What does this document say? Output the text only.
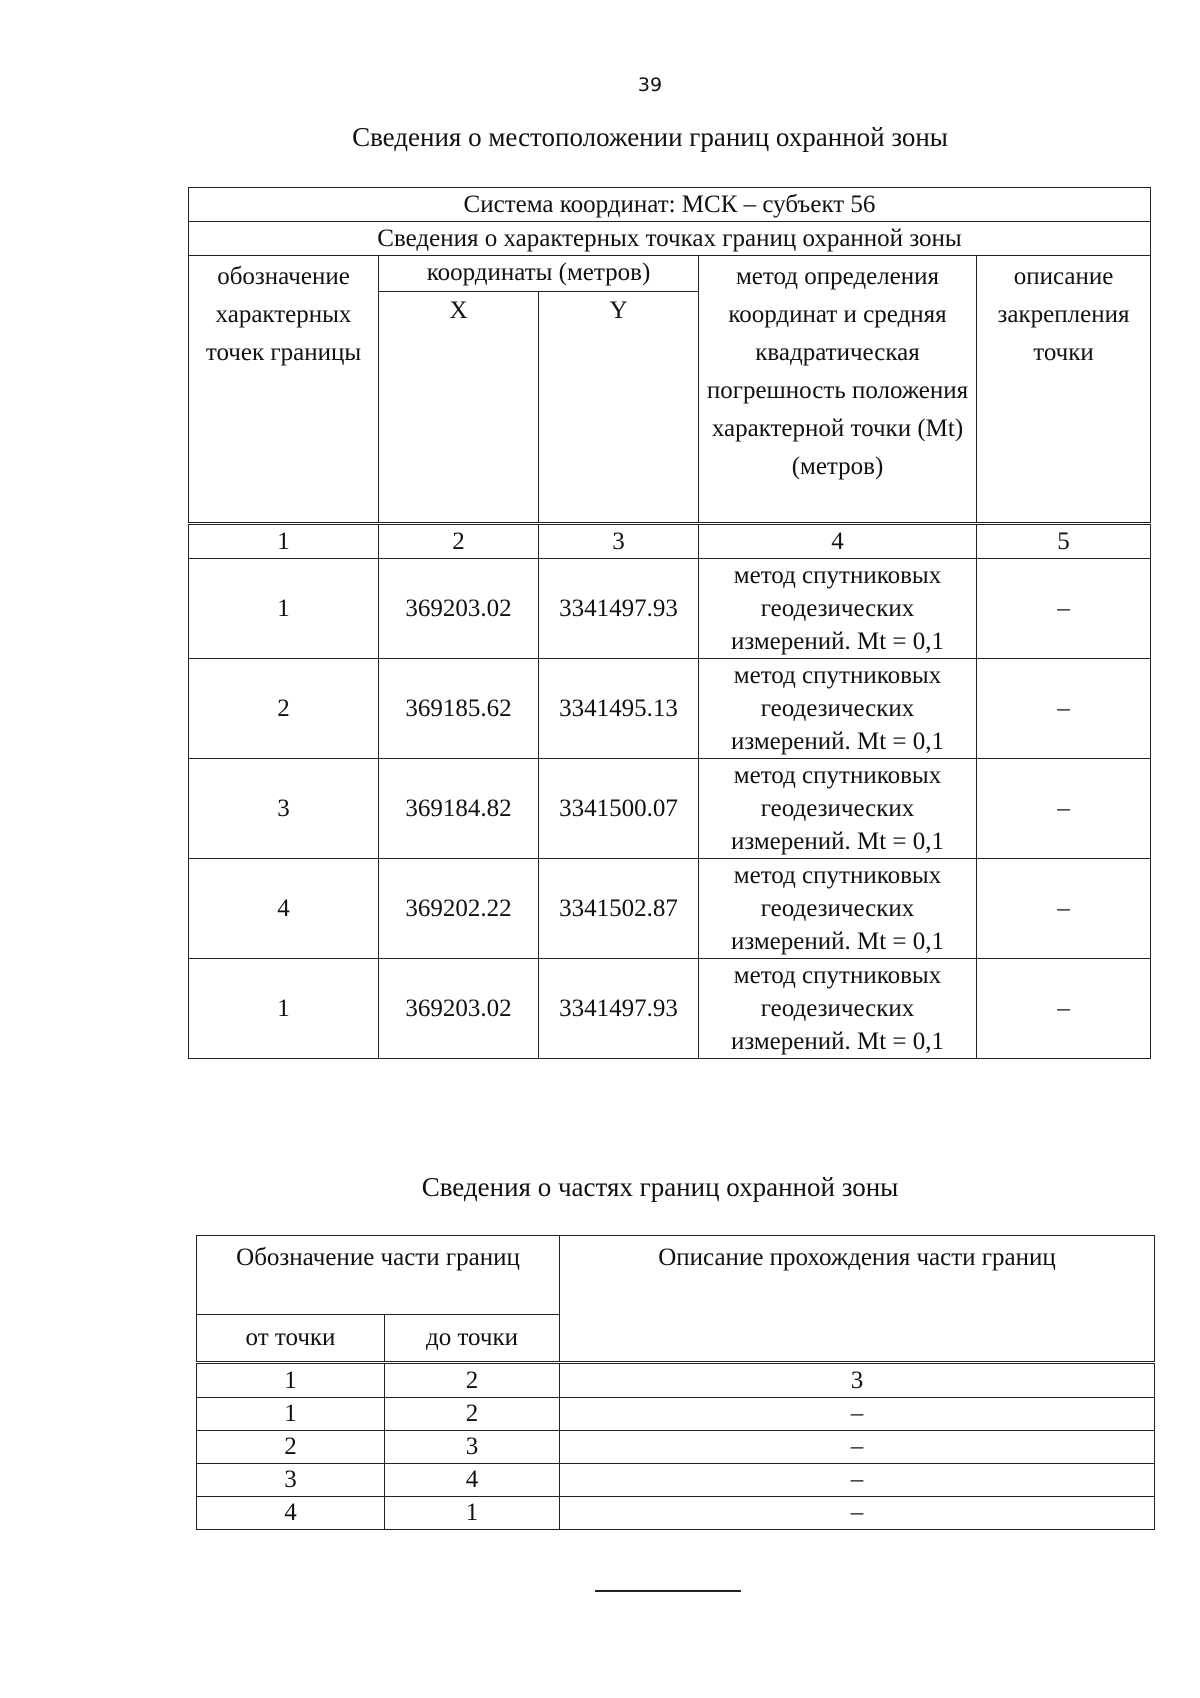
39
Сведения о местоположении границ охранной зоны
Система координат: МСК – субъект 56				
Сведения о характерных точках границ охранной зоны				
обозначение характерных точек границы	координаты (метров)		метод определения координат и средняя квадратическая погрешность положения характерной точки (Mt) (метров)	описание закрепления точки
	X	Y		
1	2	3	4	5
1	369203.02	3341497.93	метод спутниковых геодезических измерений. Mt = 0,1	–
2	369185.62	3341495.13	метод спутниковых геодезических измерений. Mt = 0,1	–
3	369184.82	3341500.07	метод спутниковых геодезических измерений. Mt = 0,1	–
4	369202.22	3341502.87	метод спутниковых геодезических измерений. Mt = 0,1	–
1	369203.02	3341497.93	метод спутниковых геодезических измерений. Mt = 0,1	–
Сведения о частях границ охранной зоны
Обозначение части границ		Описание прохождения части границ
от точки	до точки	
1	2	3
1	2	–
2	3	–
3	4	–
4	1	–
